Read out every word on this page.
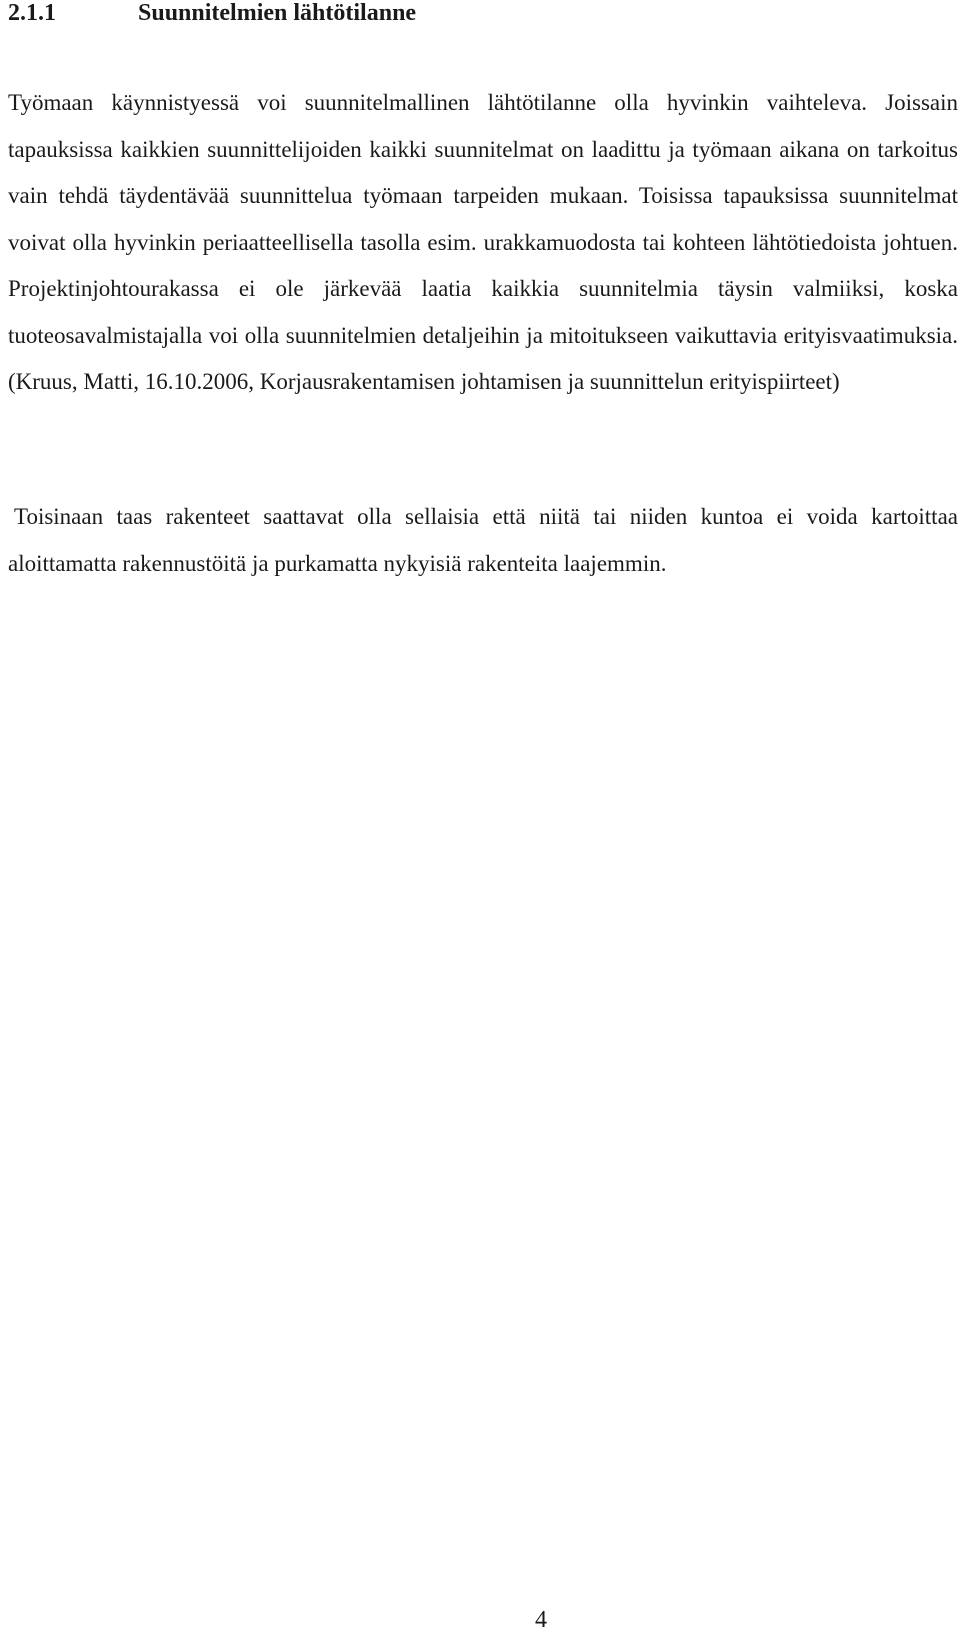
2.1.1	Suunnitelmien lähtötilanne
Työmaan käynnistyessä voi suunnitelmallinen lähtötilanne olla hyvinkin vaihteleva. Joissain tapauksissa kaikkien suunnittelijoiden kaikki suunnitelmat on laadittu ja työmaan aikana on tarkoitus vain tehdä täydentävää suunnittelua työmaan tarpeiden mukaan. Toisissa tapauksissa suunnitelmat voivat olla hyvinkin periaatteellisella tasolla esim. urakkamuodosta tai kohteen lähtötiedoista johtuen. Projektinjohtourakassa ei ole järkevää laatia kaikkia suunnitelmia täysin valmiiksi, koska tuoteosavalmistajalla voi olla suunnitelmien detaljeihin ja mitoitukseen vaikuttavia erityisvaatimuksia. (Kruus, Matti, 16.10.2006, Korjausrakentamisen johtamisen ja suunnittelun erityispiirteet)
Toisinaan taas rakenteet saattavat olla sellaisia että niitä tai niiden kuntoa ei voida kartoittaa aloittamatta rakennustöitä ja purkamatta nykyisiä rakenteita laajemmin.
4
